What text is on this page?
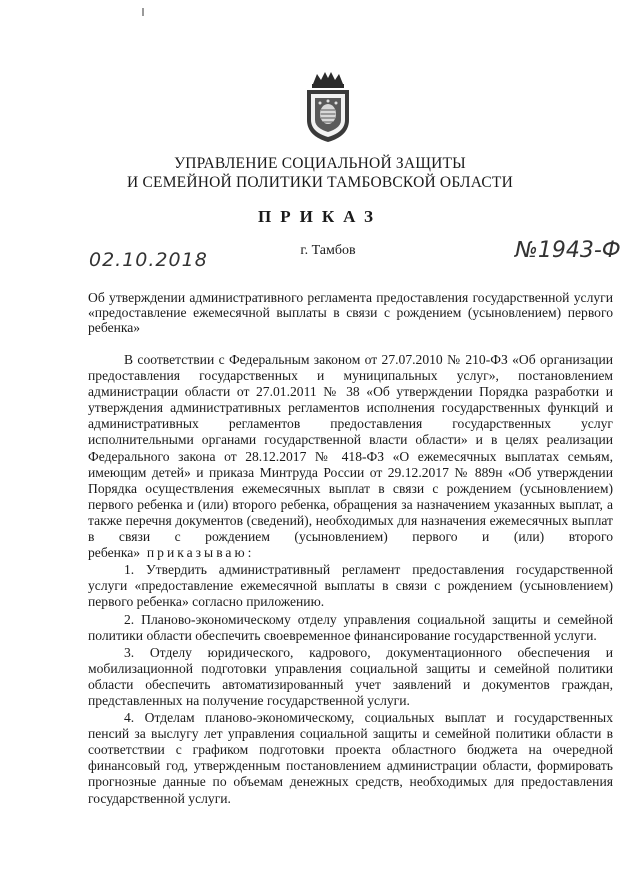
УПРАВЛЕНИЕ СОЦИАЛЬНОЙ ЗАЩИТЫ
И СЕМЕЙНОЙ ПОЛИТИКИ ТАМБОВСКОЙ ОБЛАСТИ
ПРИКАЗ
02.10.2018	г. Тамбов	№1943-Ф
Об утверждении административного регламента предоставления государственной услуги «предоставление ежемесячной выплаты в связи с рождением (усыновлением) первого ребенка»

В соответствии с Федеральным законом от 27.07.2010 № 210-ФЗ «Об организации предоставления государственных и муниципальных услуг», постановлением администрации области от 27.01.2011 № 38 «Об утверждении Порядка разработки и утверждения административных регламентов исполнения государственных функций и административных регламентов предоставления государственных услуг исполнительными органами государственной власти области» и в целях реализации Федерального закона от 28.12.2017 № 418-ФЗ «О ежемесячных выплатах семьям, имеющим детей» и приказа Минтруда России от 29.12.2017 № 889н «Об утверждении Порядка осуществления ежемесячных выплат в связи с рождением (усыновлением) первого ребенка и (или) второго ребенка, обращения за назначением указанных выплат, а также перечня документов (сведений), необходимых для назначения ежемесячных выплат в связи с рождением (усыновлением) первого и (или) второго ребенка» приказываю:

1. Утвердить административный регламент предоставления государственной услуги «предоставление ежемесячной выплаты в связи с рождением (усыновлением) первого ребенка» согласно приложению.

2. Планово-экономическому отделу управления социальной защиты и семейной политики области обеспечить своевременное финансирование государственной услуги.

3. Отделу юридического, кадрового, документационного обеспечения и мобилизационной подготовки управления социальной защиты и семейной политики области обеспечить автоматизированный учет заявлений и документов граждан, представленных на получение государственной услуги.

4. Отделам планово-экономическому, социальных выплат и государственных пенсий за выслугу лет управления социальной защиты и семейной политики области в соответствии с графиком подготовки проекта областного бюджета на очередной финансовый год, утвержденным постановлением администрации области, формировать прогнозные данные по объемам денежных средств, необходимых для предоставления государственной услуги.
